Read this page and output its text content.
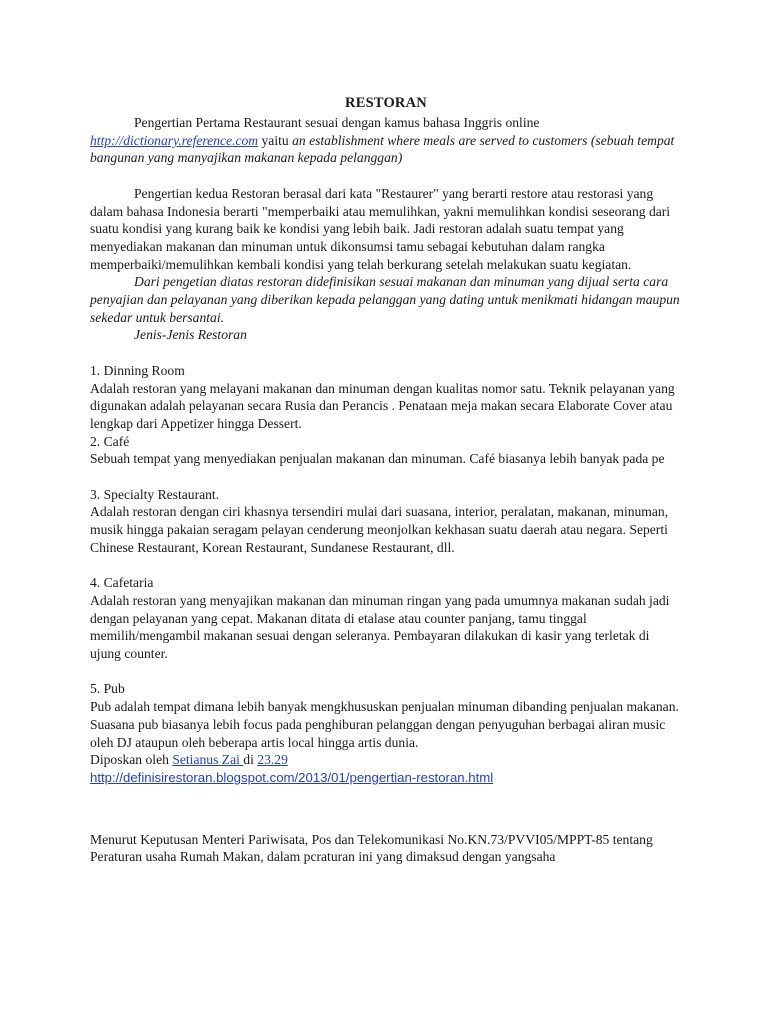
RESTORAN

Pengertian Pertama Restaurant sesuai dengan kamus bahasa Inggris online http://dictionary.reference.com yaitu an establishment where meals are served to customers (sebuah tempat bangunan yang manyajikan makanan kepada pelanggan)

Pengertian kedua Restoran berasal dari kata "Restaurer" yang berarti restore atau restorasi yang dalam bahasa Indonesia berarti "memperbaiki atau memulihkan, yakni memulihkan kondisi seseorang dari suatu kondisi yang kurang baik ke kondisi yang lebih baik. Jadi restoran adalah suatu tempat yang menyediakan makanan dan minuman untuk dikonsumsi tamu sebagai kebutuhan dalam rangka memperbaiki/memulihkan kembali kondisi yang telah berkurang setelah melakukan suatu kegiatan.

Dari pengetian diatas restoran didefinisikan sesuai makanan dan minuman yang dijual serta cara penyajian dan pelayanan yang diberikan kepada pelanggan yang dating untuk menikmati hidangan maupun sekedar untuk bersantai.

Jenis-Jenis Restoran

1. Dinning Room

Adalah restoran yang melayani makanan dan minuman dengan kualitas nomor satu. Teknik pelayanan yang digunakan adalah pelayanan secara Rusia dan Perancis . Penataan meja makan secara Elaborate Cover atau lengkap dari Appetizer hingga Dessert.

2. Café

Sebuah tempat yang menyediakan penjualan makanan dan minuman. Café biasanya lebih banyak pada pe

3. Specialty Restaurant.

Adalah restoran dengan ciri khasnya tersendiri mulai dari suasana, interior, peralatan, makanan, minuman, musik hingga pakaian seragam pelayan cenderung meonjolkan kekhasan suatu daerah atau negara. Seperti Chinese Restaurant, Korean Restaurant, Sundanese Restaurant, dll.

4. Cafetaria

Adalah restoran yang menyajikan makanan dan minuman ringan yang pada umumnya makanan sudah jadi dengan pelayanan yang cepat. Makanan ditata di etalase atau counter panjang, tamu tinggal memilih/mengambil makanan sesuai dengan seleranya. Pembayaran dilakukan di kasir yang terletak di ujung counter.

5. Pub

Pub adalah tempat dimana lebih banyak mengkhususkan penjualan minuman dibanding penjualan makanan. Suasana pub biasanya lebih focus pada penghiburan pelanggan dengan penyuguhan berbagai aliran music oleh DJ ataupun oleh beberapa artis local hingga artis dunia.

Diposkan oleh Setianus Zai di 23.29

http://definisirestoran.blogspot.com/2013/01/pengertian-restoran.html

Menurut Keputusan Menteri Pariwisata, Pos dan Telekomunikasi No.KN.73/PVVI05/MPPT-85 tentang Peraturan usaha Rumah Makan, dalam pcraturan ini yang dimaksud dengan yangsaha
